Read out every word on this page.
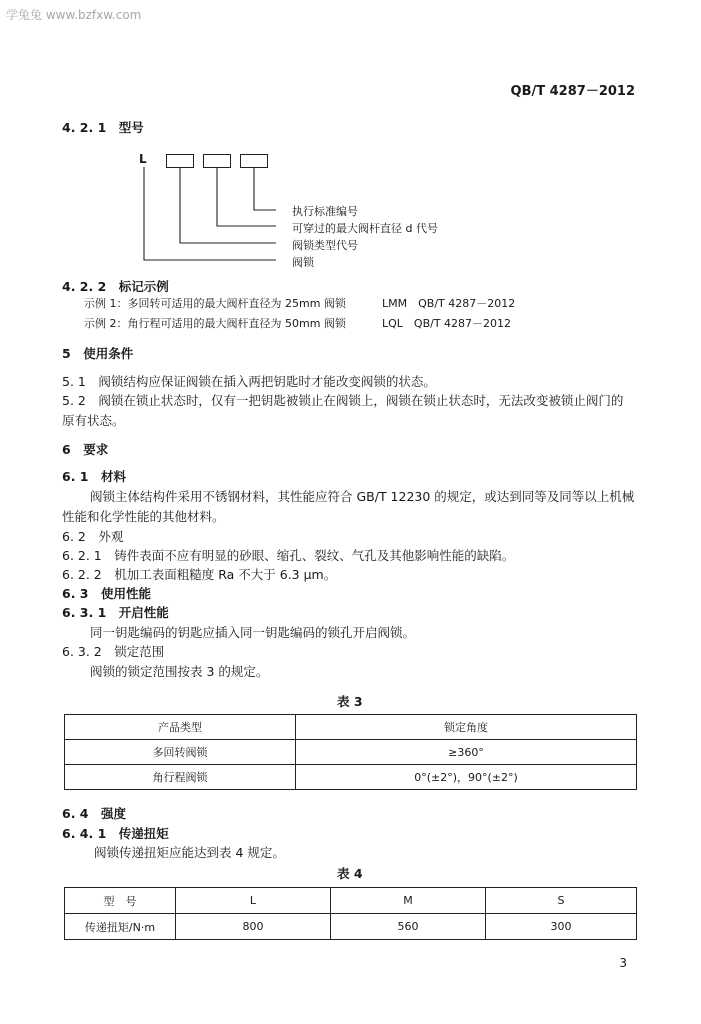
学兔兔 www.bzfxw.com
QB/T 4287－2012
4. 2. 1　型号
L
执行标准编号
可穿过的最大阀杆直径 d 代号
阀锁类型代号
阀锁
4. 2. 2　标记示例
示例 1：多回转可适用的最大阀杆直径为 25mm 阀锁	LMM　QB/T 4287－2012
示例 2：角行程可适用的最大阀杆直径为 50mm 阀锁	LQL　QB/T 4287－2012
5　使用条件
5. 1　阀锁结构应保证阀锁在插入两把钥匙时才能改变阀锁的状态。
5. 2　阀锁在锁止状态时，仅有一把钥匙被锁止在阀锁上，阀锁在锁止状态时，无法改变被锁止阀门的
原有状态。
6　要求
6. 1　材料
阀锁主体结构件采用不锈钢材料，其性能应符合 GB/T 12230 的规定，或达到同等及同等以上机械
性能和化学性能的其他材料。
6. 2　外观
6. 2. 1　铸件表面不应有明显的砂眼、缩孔、裂纹、气孔及其他影响性能的缺陷。
6. 2. 2　机加工表面粗糙度 Ra 不大于 6.3 μm。
6. 3　使用性能
6. 3. 1　开启性能
同一钥匙编码的钥匙应插入同一钥匙编码的锁孔开启阀锁。
6. 3. 2　锁定范围
阀锁的锁定范围按表 3 的规定。
表 3
产品类型	锁定角度
多回转阀锁	≥360°
角行程阀锁	0°(±2°)，90°(±2°)
6. 4　强度
6. 4. 1　传递扭矩
阀锁传递扭矩应能达到表 4 规定。
表 4
型　号	L	M	S
传递扭矩/N·m	800	560	300
3
